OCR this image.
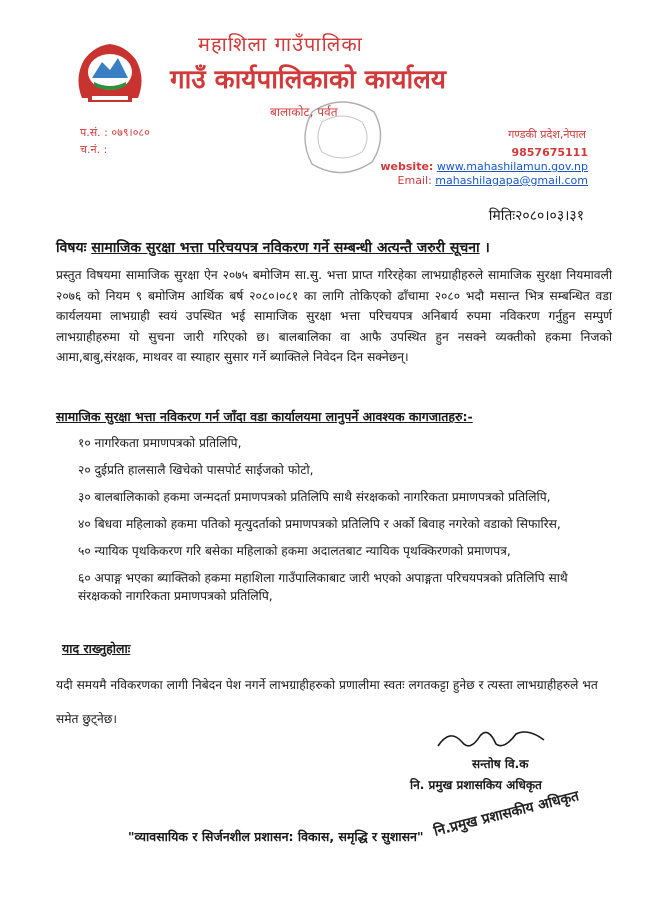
महाशिला गाउँपालिका
गाउँ कार्यपालिकाको कार्यालय
बालाकोट, पर्वत
प.सं. : ०७९।०८०
च.नं. :
गण्डकी प्रदेश,नेपाल
9857675111
website: www.mahashilamun.gov.np
Email: mahashilagapa@gmail.com
मितिः२०८०।०३।३१
विषयः सामाजिक सुरक्षा भत्ता परिचयपत्र नविकरण गर्ने सम्बन्धी अत्यन्तै जरुरी सूचना ।
प्रस्तुत विषयमा सामाजिक सुरक्षा ऐन २०७५ बमोजिम सा.सु. भत्ता प्राप्त गरिरहेका लाभग्राहीहरुले सामाजिक सुरक्षा नियमावली २०७६ को नियम ९ बमोजिम आर्थिक बर्ष २०८०।०८१ का लागि तोकिएको ढाँचामा २०८० भदौ मसान्त भित्र सम्बन्धित वडा कार्यलयमा लाभग्राही स्वयं उपस्थित भई सामाजिक सुरक्षा भत्ता परिचयपत्र अनिबार्य रुपमा नविकरण गर्नुहुन सम्पुर्ण लाभग्राहीहरुमा यो सुचना जारी गरिएको छ। बालबालिका वा आफै उपस्थित हुन नसक्ने व्यक्तीको हकमा निजको आमा,बाबु,संरक्षक, माथवर वा स्याहार सुसार गर्ने ब्याक्तिले निवेदन दिन सक्नेछन्।
सामाजिक सुरक्षा भत्ता नविकरण गर्न जाँदा वडा कार्यालयमा लानुपर्ने आवश्यक कागजातहरु:-
१० नागरिकता प्रमाणपत्रको प्रतिलिपि,
२० दुईप्रति हालसालै खिचेको पासपोर्ट साईजको फोटो,
३० बालबालिकाको हकमा जन्मदर्ता प्रमाणपत्रको प्रतिलिपि साथै संरक्षकको नागरिकता प्रमाणपत्रको प्रतिलिपि,
४० बिधवा महिलाको हकमा पतिको मृत्युदर्ताको प्रमाणपत्रको प्रतिलिपि र अर्को बिवाह नगरेको वडाको सिफारिस,
५० न्यायिक पृथकिकरण गरि बसेका महिलाको हकमा अदालतबाट न्यायिक पृथक्किरणको प्रमाणपत्र,
६० अपाङ्ग भएका ब्याक्तिको हकमा महाशिला गाउँपालिकाबाट जारी भएको अपाङ्गता परिचयपत्रको प्रतिलिपि साथै संरक्षकको नागरिकता प्रमाणपत्रको प्रतिलिपि,
याद राख्नुहोलाः
यदी समयमै नविकरणका लागी निबेदन पेश नगर्ने लाभग्राहीहरुको प्रणालीमा स्वतः लगतकट्टा हुनेछ र त्यस्ता लाभग्राहीहरुले भत समेत छुट्नेछ।
सन्तोष वि.क
नि. प्रमुख प्रशासकिय अधिकृत
"व्यावसायिक र सिर्जनशील प्रशासन: विकास, समृद्धि र सुशासन" नि.प्रमुख प्रशासकीय अधिकृत
